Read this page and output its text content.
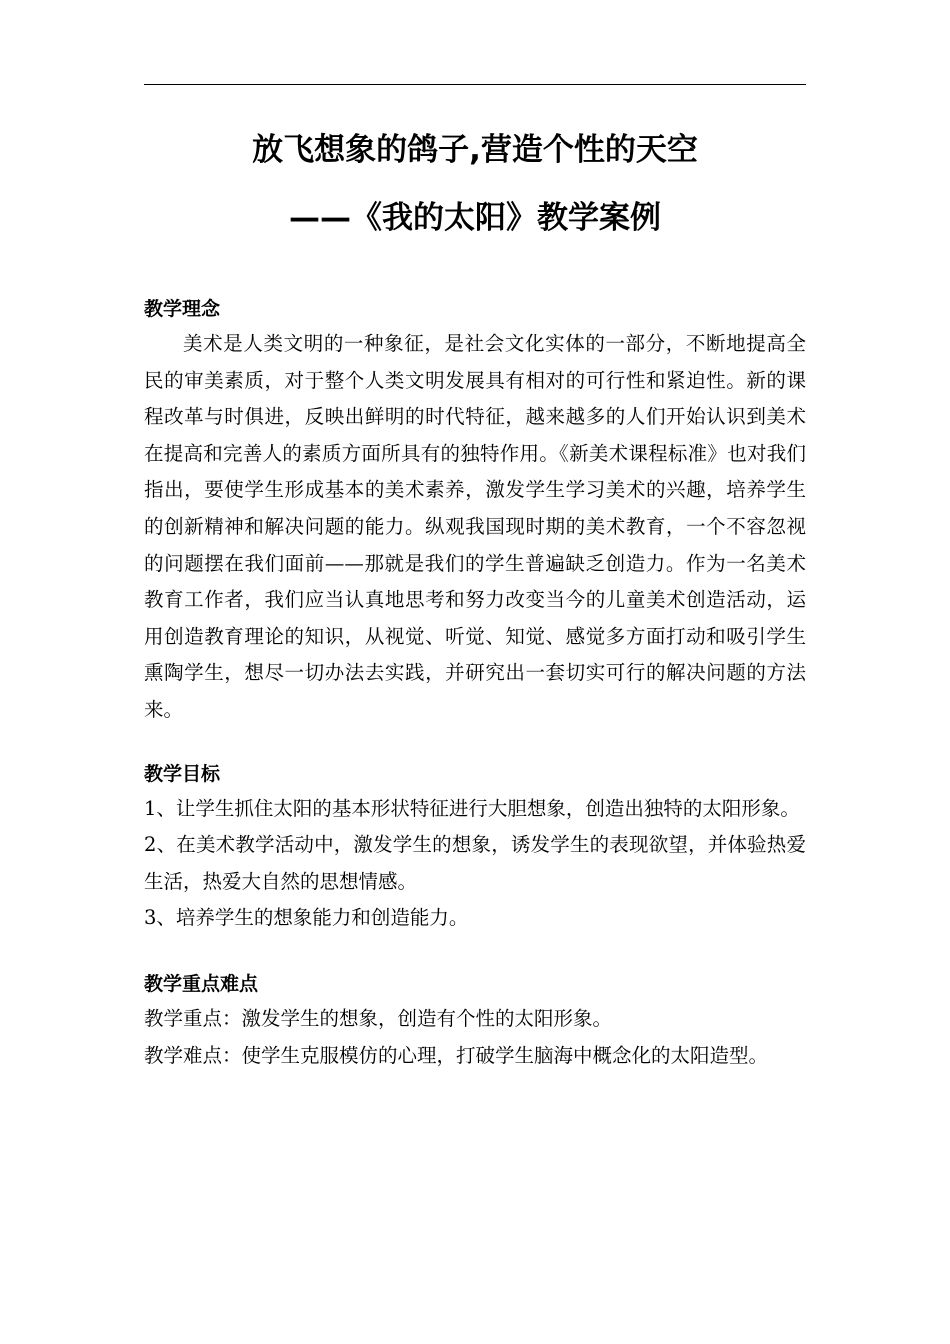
放飞想象的鸽子,营造个性的天空
——《我的太阳》教学案例
教学理念

美术是人类文明的一种象征，是社会文化实体的一部分，不断地提高全民的审美素质，对于整个人类文明发展具有相对的可行性和紧迫性。新的课程改革与时俱进，反映出鲜明的时代特征，越来越多的人们开始认识到美术在提高和完善人的素质方面所具有的独特作用。《新美术课程标准》也对我们指出，要使学生形成基本的美术素养，激发学生学习美术的兴趣，培养学生的创新精神和解决问题的能力。纵观我国现时期的美术教育，一个不容忽视的问题摆在我们面前——那就是我们的学生普遍缺乏创造力。作为一名美术教育工作者，我们应当认真地思考和努力改变当今的儿童美术创造活动，运用创造教育理论的知识，从视觉、听觉、知觉、感觉多方面打动和吸引学生熏陶学生，想尽一切办法去实践，并研究出一套切实可行的解决问题的方法来。

教学目标

1、让学生抓住太阳的基本形状特征进行大胆想象，创造出独特的太阳形象。

2、在美术教学活动中，激发学生的想象，诱发学生的表现欲望，并体验热爱生活，热爱大自然的思想情感。

3、培养学生的想象能力和创造能力。

教学重点难点

教学重点：激发学生的想象，创造有个性的太阳形象。

教学难点：使学生克服模仿的心理，打破学生脑海中概念化的太阳造型。
